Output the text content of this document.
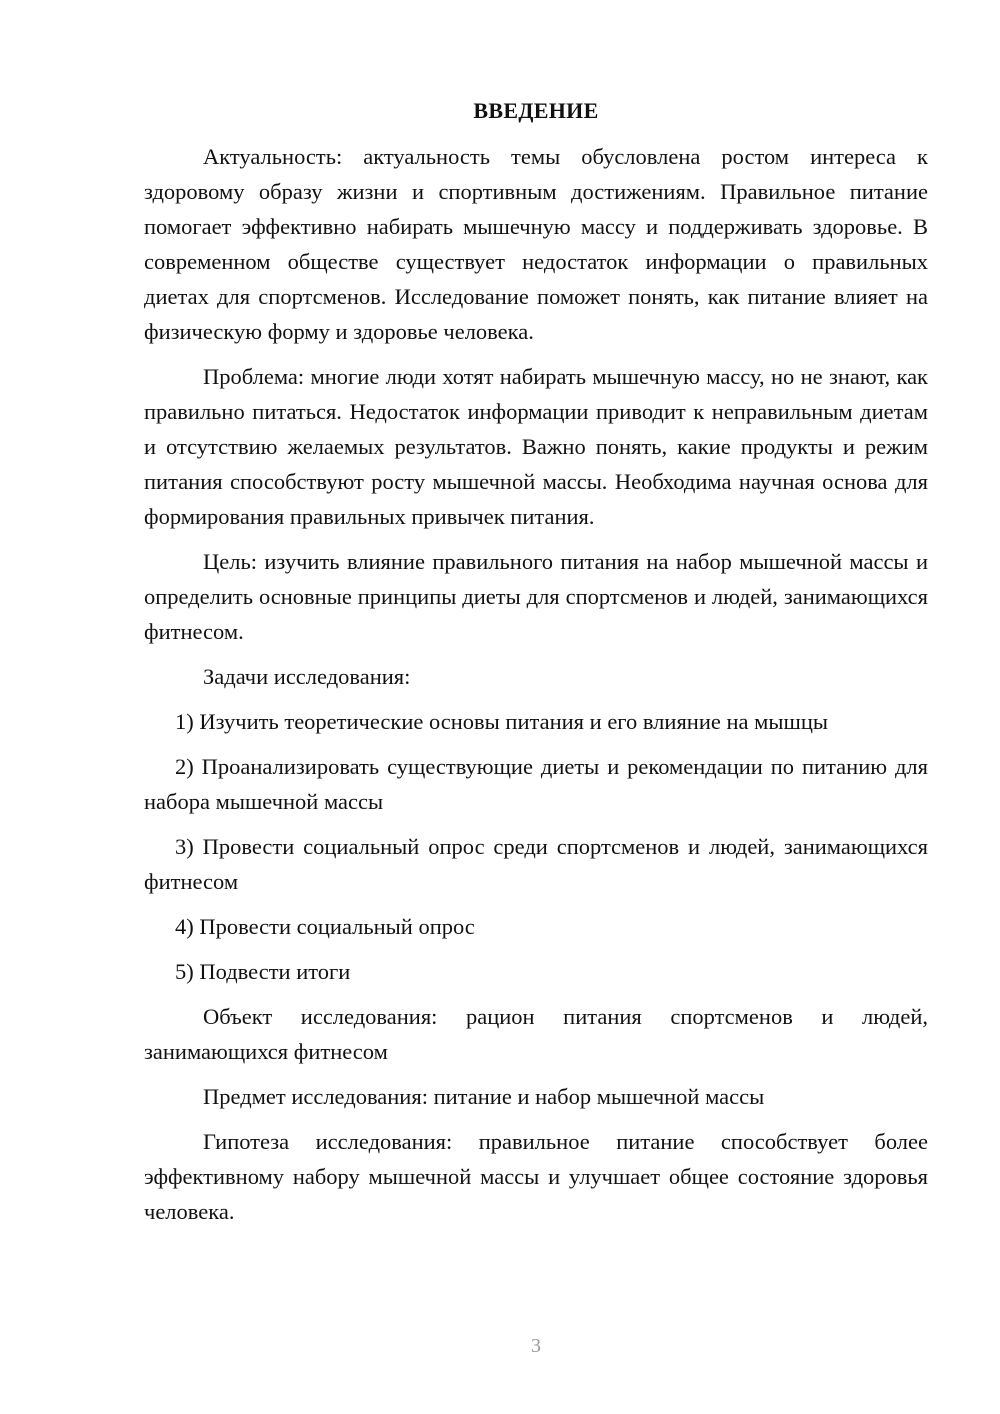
ВВЕДЕНИЕ

Актуальность: актуальность темы обусловлена ростом интереса к здоровому образу жизни и спортивным достижениям. Правильное питание помогает эффективно набирать мышечную массу и поддерживать здоровье. В современном обществе существует недостаток информации о правильных диетах для спортсменов. Исследование поможет понять, как питание влияет на физическую форму и здоровье человека.

Проблема: многие люди хотят набирать мышечную массу, но не знают, как правильно питаться. Недостаток информации приводит к неправильным диетам и отсутствию желаемых результатов. Важно понять, какие продукты и режим питания способствуют росту мышечной массы. Необходима научная основа для формирования правильных привычек питания.

Цель: изучить влияние правильного питания на набор мышечной массы и определить основные принципы диеты для спортсменов и людей, занимающихся фитнесом.

Задачи исследования:

1) Изучить теоретические основы питания и его влияние на мышцы

2) Проанализировать существующие диеты и рекомендации по питанию для набора мышечной массы

3) Провести социальный опрос среди спортсменов и людей, занимающихся фитнесом

4) Провести социальный опрос

5) Подвести итоги

Объект исследования: рацион питания спортсменов и людей, занимающихся фитнесом

Предмет исследования: питание и набор мышечной массы

Гипотеза исследования: правильное питание способствует более эффективному набору мышечной массы и улучшает общее состояние здоровья человека.

3
